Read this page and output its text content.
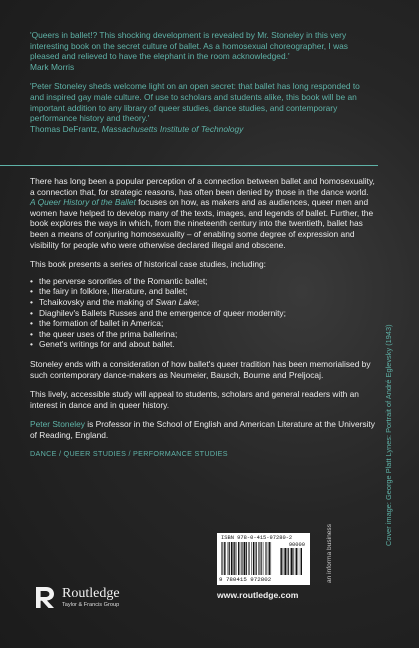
'Queers in ballet!? This shocking development is revealed by Mr. Stoneley in this very interesting book on the secret culture of ballet. As a homosexual choreographer, I was pleased and relieved to have the elephant in the room acknowledged.'

Mark Morris

'Peter Stoneley sheds welcome light on an open secret: that ballet has long responded to and inspired gay male culture. Of use to scholars and students alike, this book will be an important addition to any library of queer studies, dance studies, and contemporary performance history and theory.'

Thomas DeFrantz, Massachusetts Institute of Technology

There has long been a popular perception of a connection between ballet and homosexuality, a connection that, for strategic reasons, has often been denied by those in the dance world. A Queer History of the Ballet focuses on how, as makers and as audiences, queer men and women have helped to develop many of the texts, images, and legends of ballet. Further, the book explores the ways in which, from the nineteenth century into the twentieth, ballet has been a means of conjuring homosexuality – of enabling some degree of expression and visibility for people who were otherwise declared illegal and obscene.

This book presents a series of historical case studies, including:

• the perverse sororities of the Romantic ballet;
• the fairy in folklore, literature, and ballet;
• Tchaikovsky and the making of Swan Lake;
• Diaghilev's Ballets Russes and the emergence of queer modernity;
• the formation of ballet in America;
• the queer uses of the prima ballerina;
• Genet's writings for and about ballet.

Stoneley ends with a consideration of how ballet's queer tradition has been memorialised by such contemporary dance-makers as Neumeier, Bausch, Bourne and Preljocaj.

This lively, accessible study will appeal to students, scholars and general readers with an interest in dance and in queer history.

Peter Stoneley is Professor in the School of English and American Literature at the University of Reading, England.

DANCE / QUEER STUDIES / PERFORMANCE STUDIES	Cover image: George Platt Lynes: Portrait of André Eglevsky (1943)
Routledge
Taylor & Francis Group
ISBN 978-0-415-97280-2
90000
9 780415 972802	an informa business
www.routledge.com
